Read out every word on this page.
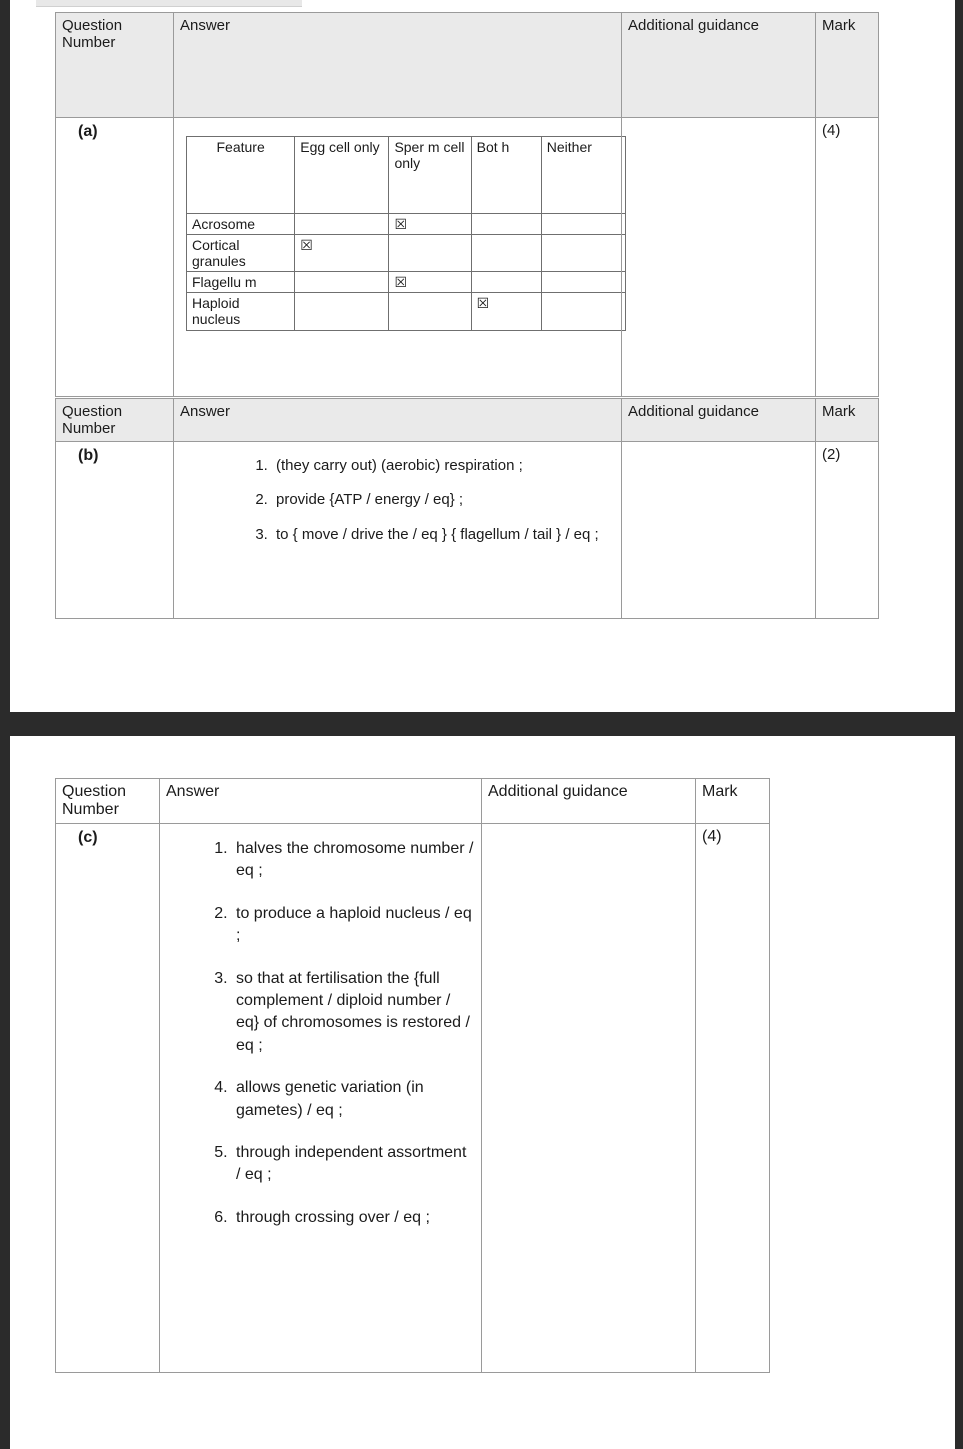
Question
Number
	Answer	Additional guidance	Mark

(a)

Feature	Egg cell only	Sper m cell only	Bot h	Neither
Acrosome		☒		
Cortical granules	☒			
Flagellu m		☒		
Haploid nucleus			☒	
		(4)
Question
Number	Answer	Additional guidance	Mark

(b)

1. (they carry out) (aerobic) respiration ;
2. provide {ATP / energy / eq} ;
3. to { move / drive the / eq } { flagellum / tail } / eq ;
		(2)
Question
Number	Answer	Additional guidance	Mark

(c)

1. halves the chromosome number / eq ;
2. to produce a haploid nucleus / eq ;
3. so that at fertilisation the {full complement / diploid number / eq} of chromosomes is restored / eq ;
4. allows genetic variation (in gametes) / eq ;
5. through independent assortment / eq ;
6. through crossing over / eq ;
		(4)
